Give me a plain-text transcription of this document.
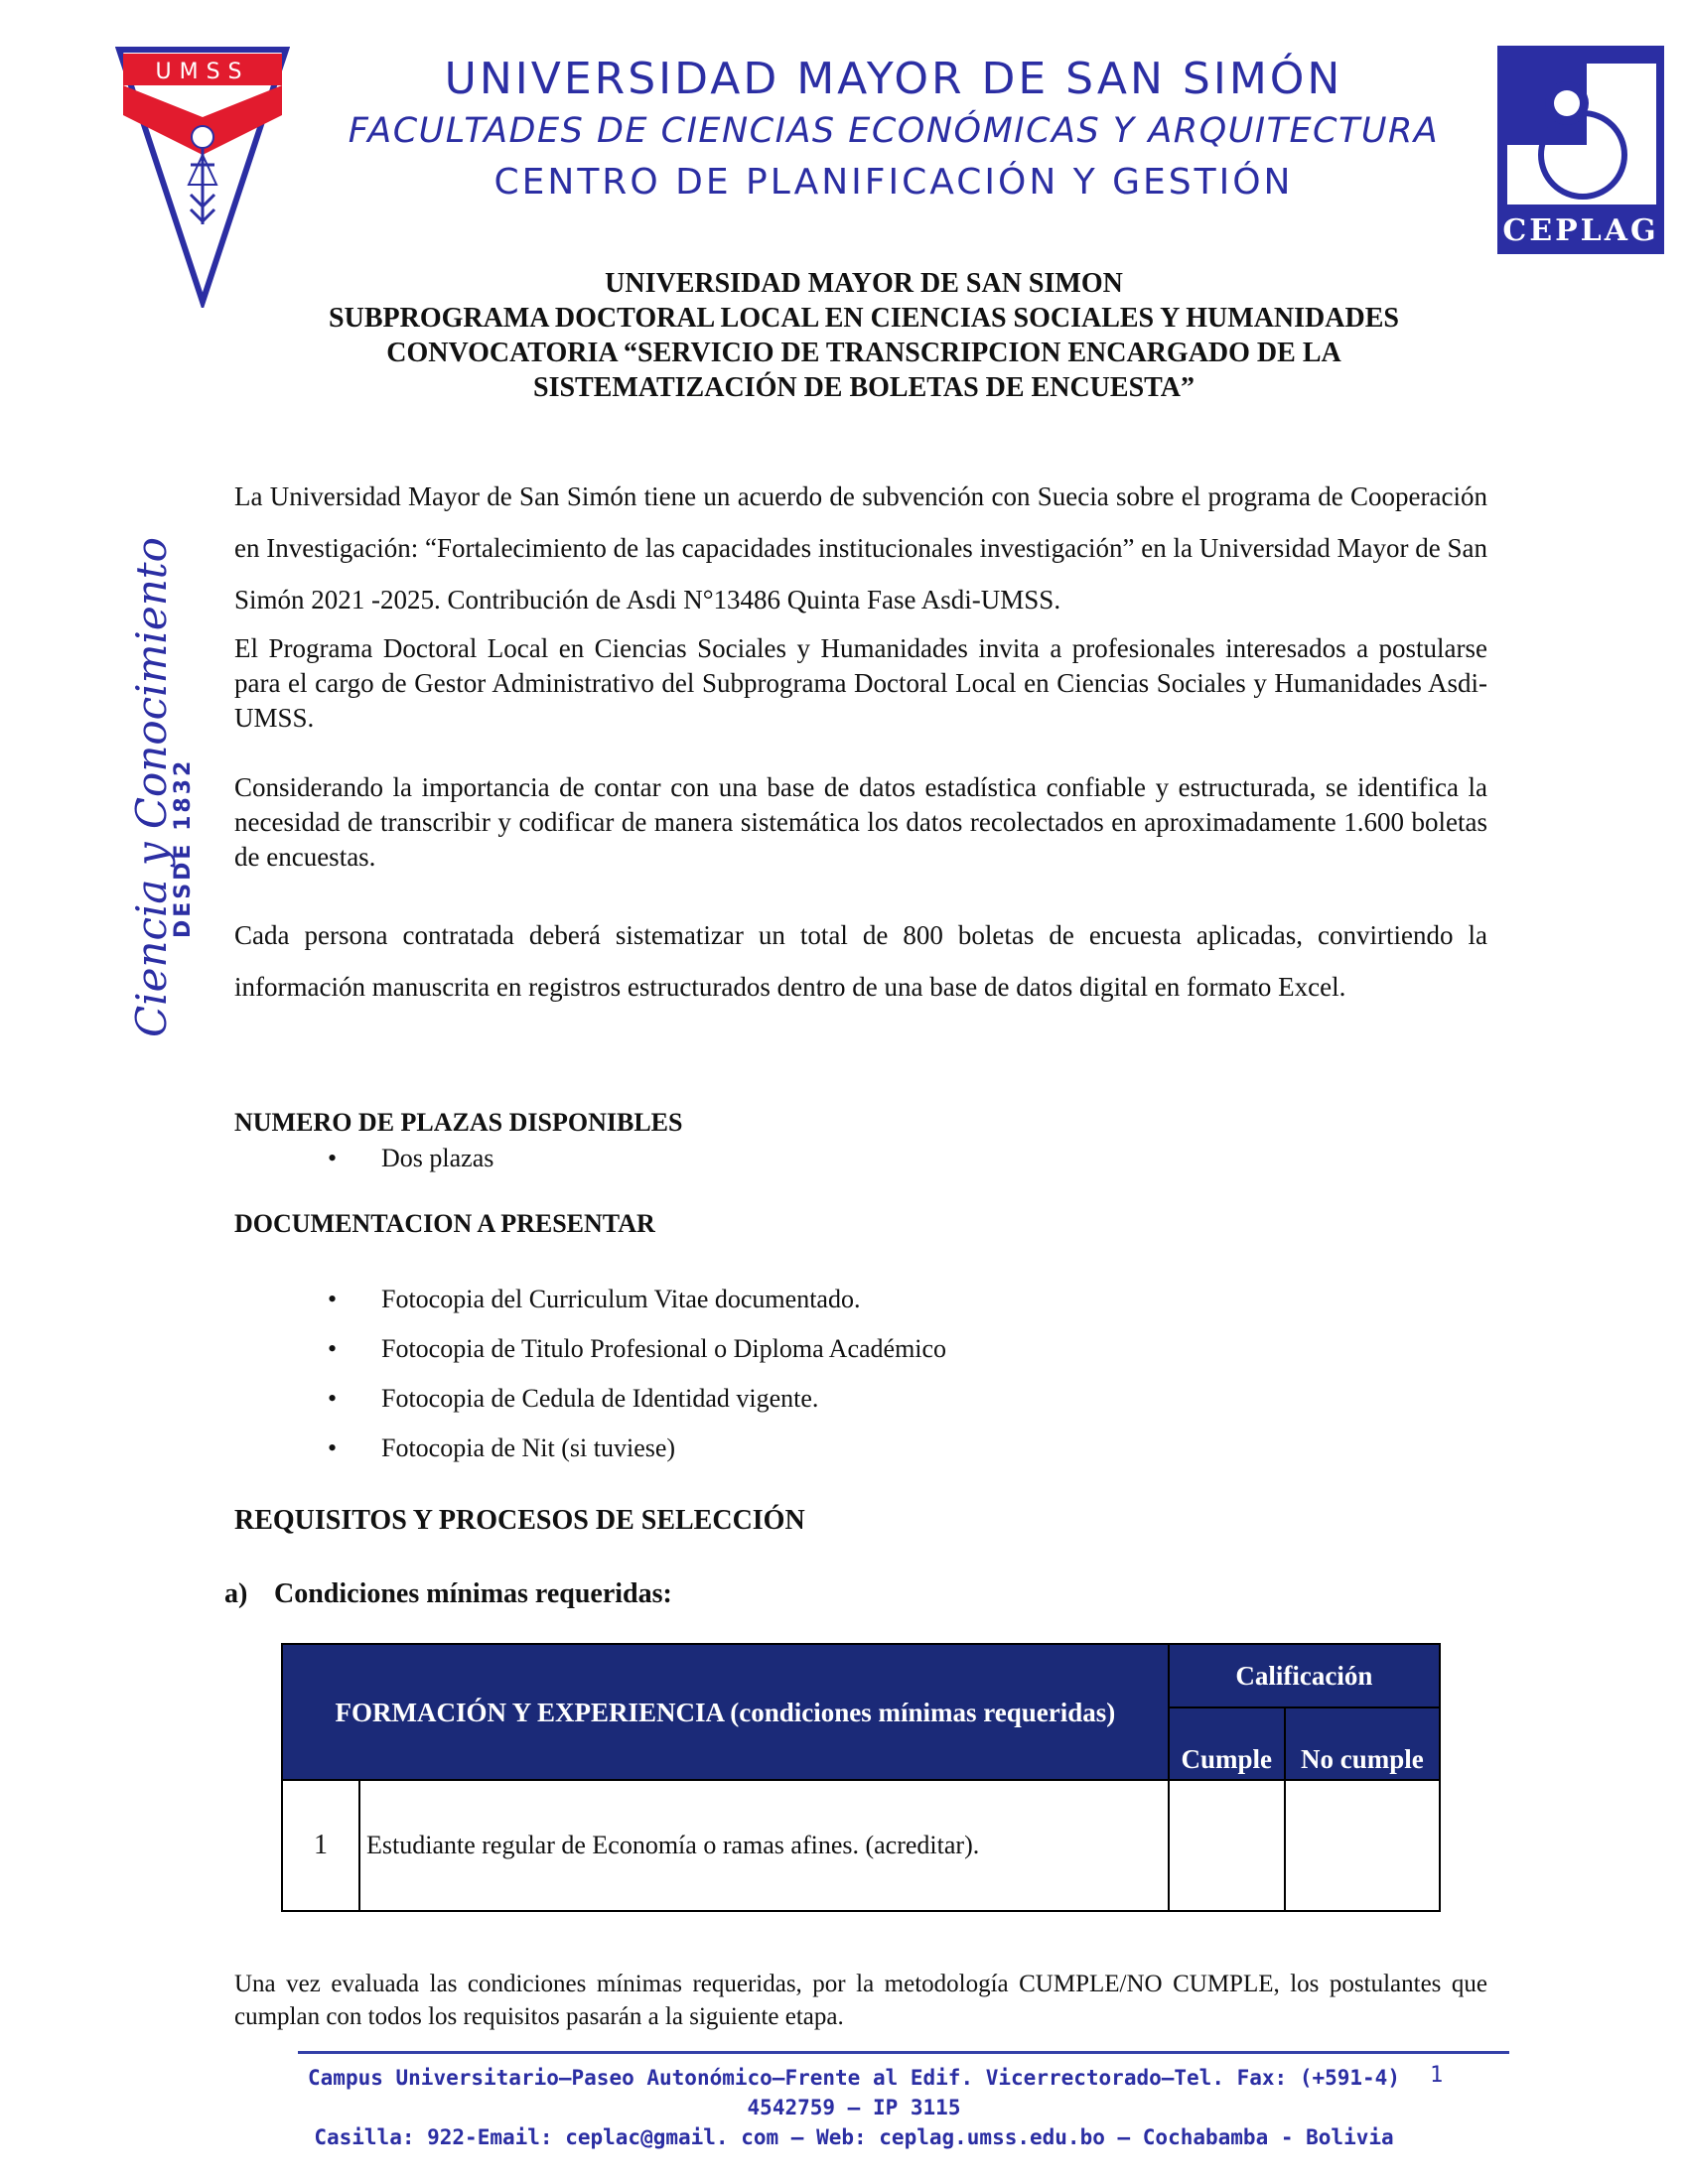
UMSS	UNIVERSIDAD MAYOR DE SAN SIMÓN
FACULTADES DE CIENCIAS ECONÓMICAS Y ARQUITECTURA
CENTRO DE PLANIFICACIÓN Y GESTIÓN
CEPLAG
UNIVERSIDAD MAYOR DE SAN SIMON
SUBPROGRAMA DOCTORAL LOCAL EN CIENCIAS SOCIALES Y HUMANIDADES
CONVOCATORIA “SERVICIO DE TRANSCRIPCION ENCARGADO DE LA
SISTEMATIZACIÓN DE BOLETAS DE ENCUESTA”
La Universidad Mayor de San Simón tiene un acuerdo de subvención con Suecia sobre el programa de Cooperación en Investigación: “Fortalecimiento de las capacidades institucionales investigación” en la Universidad Mayor de San Simón 2021 -2025. Contribución de Asdi N°13486 Quinta Fase Asdi-UMSS.
El Programa Doctoral Local en Ciencias Sociales y Humanidades invita a profesionales interesados a postularse para el cargo de Gestor Administrativo del Subprograma Doctoral Local en Ciencias Sociales y Humanidades Asdi-UMSS.
Considerando la importancia de contar con una base de datos estadística confiable y estructurada, se identifica la necesidad de transcribir y codificar de manera sistemática los datos recolectados en aproximadamente 1.600 boletas de encuestas.
Cada persona contratada deberá sistematizar un total de 800 boletas de encuesta aplicadas, convirtiendo la información manuscrita en registros estructurados dentro de una base de datos digital en formato Excel.
NUMERO DE PLAZAS DISPONIBLES
• Dos plazas
DOCUMENTACION A PRESENTAR
• Fotocopia del Curriculum Vitae documentado.
• Fotocopia de Titulo Profesional o Diploma Académico
• Fotocopia de Cedula de Identidad vigente.
• Fotocopia de Nit (si tuviese)
REQUISITOS Y PROCESOS DE SELECCIÓN
a) Condiciones mínimas requeridas:
FORMACIÓN Y EXPERIENCIA (condiciones mínimas requeridas)		Calificación	
		Cumple	No cumple
1	Estudiante regular de Economía o ramas afines. (acreditar).		
Una vez evaluada las condiciones mínimas requeridas, por la metodología CUMPLE/NO CUMPLE, los postulantes que cumplan con todos los requisitos pasarán a la siguiente etapa.
Ciencia y Conocimiento
DESDE 1832
Campus Universitario–Paseo Autonómico–Frente al Edif. Vicerrectorado–Tel. Fax: (+591-4) 4542759 – IP 3115
Casilla: 922-Email: ceplac@gmail. com – Web: ceplag.umss.edu.bo – Cochabamba - Bolivia
1
